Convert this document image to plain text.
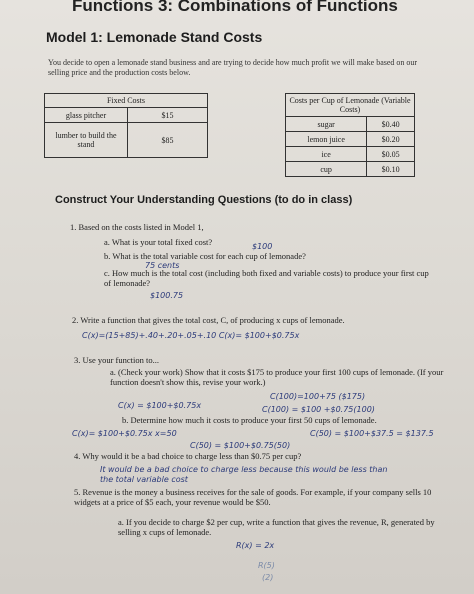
Functions 3: Combinations of Functions
Model 1: Lemonade Stand Costs
You decide to open a lemonade stand business and are trying to decide how much profit we will make based on our selling price and the production costs below.
Fixed Costs	
glass pitcher	$15
lumber to build the stand	$85
Costs per Cup of Lemonade (Variable Costs)	
sugar	$0.40
lemon juice	$0.20
ice	$0.05
cup	$0.10
Construct Your Understanding Questions (to do in class)
1. Based on the costs listed in Model 1,
a. What is your total fixed cost?	$100
b. What is the total variable cost for each cup of lemonade?
75 cents
c. How much is the total cost (including both fixed and variable costs) to produce your first cup of lemonade?
$100.75
2. Write a function that gives the total cost, C, of producing x cups of lemonade.
C(x)=(15+85)+.40+.20+.05+.10 C(x)= $100+$0.75x
3. Use your function to...
a. (Check your work) Show that it costs $175 to produce your first 100 cups of lemonade. (If your function doesn't show this, revise your work.)
C(100)=100+75 ($175)
C(x) = $100+$0.75x	C(100) = $100 +$0.75(100)
b. Determine how much it costs to produce your first 50 cups of lemonade.
C(x)= $100+$0.75x x=50	C(50) = $100+$37.5 = $137.5
C(50) = $100+$0.75(50)
4. Why would it be a bad choice to charge less than $0.75 per cup?
It would be a bad choice to charge less because this would be less than the total variable cost
5. Revenue is the money a business receives for the sale of goods. For example, if your company sells 10 widgets at a price of $5 each, your revenue would be $50.
a. If you decide to charge $2 per cup, write a function that gives the revenue, R, generated by selling x cups of lemonade.
R(x) = 2x
R(5)
(2)
